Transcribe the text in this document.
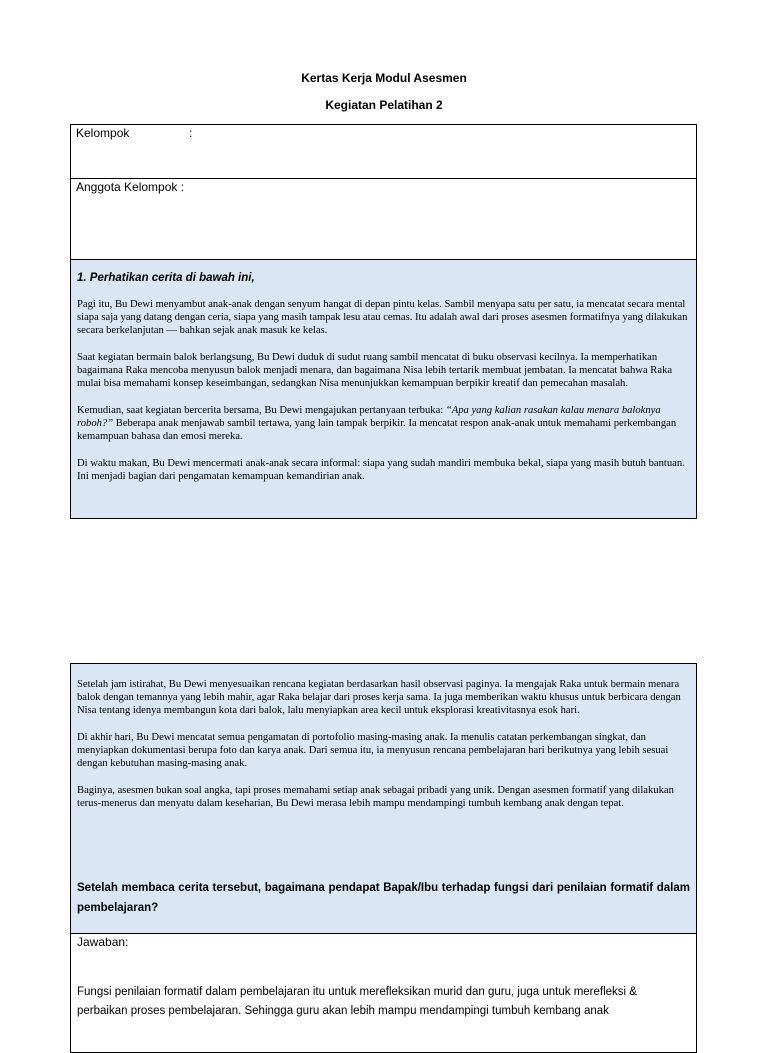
Kertas Kerja Modul Asesmen
Kegiatan Pelatihan 2
Kelompok	:
Anggota Kelompok :

1. Perhatikan cerita di bawah ini,

Pagi itu, Bu Dewi menyambut anak-anak dengan senyum hangat di depan pintu kelas. Sambil menyapa satu per satu, ia mencatat secara mental siapa saja yang datang dengan ceria, siapa yang masih tampak lesu atau cemas. Itu adalah awal dari proses asesmen formatifnya yang dilakukan secara berkelanjutan — bahkan sejak anak masuk ke kelas.

Saat kegiatan bermain balok berlangsung, Bu Dewi duduk di sudut ruang sambil mencatat di buku observasi kecilnya. Ia memperhatikan bagaimana Raka mencoba menyusun balok menjadi menara, dan bagaimana Nisa lebih tertarik membuat jembatan. Ia mencatat bahwa Raka mulai bisa memahami konsep keseimbangan, sedangkan Nisa menunjukkan kemampuan berpikir kreatif dan pemecahan masalah.

Kemudian, saat kegiatan bercerita bersama, Bu Dewi mengajukan pertanyaan terbuka: “Apa yang kalian rasakan kalau menara baloknya roboh?” Beberapa anak menjawab sambil tertawa, yang lain tampak berpikir. Ia mencatat respon anak-anak untuk memahami perkembangan kemampuan bahasa dan emosi mereka.

Di waktu makan, Bu Dewi mencermati anak-anak secara informal: siapa yang sudah mandiri membuka bekal, siapa yang masih butuh bantuan. Ini menjadi bagian dari pengamatan kemampuan kemandirian anak.

Setelah jam istirahat, Bu Dewi menyesuaikan rencana kegiatan berdasarkan hasil observasi paginya. Ia mengajak Raka untuk bermain menara balok dengan temannya yang lebih mahir, agar Raka belajar dari proses kerja sama. Ia juga memberikan waktu khusus untuk berbicara dengan Nisa tentang idenya membangun kota dari balok, lalu menyiapkan area kecil untuk eksplorasi kreativitasnya esok hari.

Di akhir hari, Bu Dewi mencatat semua pengamatan di portofolio masing-masing anak. Ia menulis catatan perkembangan singkat, dan menyiapkan dokumentasi berupa foto dan karya anak. Dari semua itu, ia menyusun rencana pembelajaran hari berikutnya yang lebih sesuai dengan kebutuhan masing-masing anak.

Baginya, asesmen bukan soal angka, tapi proses memahami setiap anak sebagai pribadi yang unik. Dengan asesmen formatif yang dilakukan terus-menerus dan menyatu dalam keseharian, Bu Dewi merasa lebih mampu mendampingi tumbuh kembang anak dengan tepat.

Setelah membaca cerita tersebut, bagaimana pendapat Bapak/Ibu terhadap fungsi dari penilaian formatif dalam pembelajaran?
Jawaban:
Fungsi penilaian formatif dalam pembelajaran itu untuk merefleksikan murid dan guru, juga untuk merefleksi & perbaikan proses pembelajaran. Sehingga guru akan lebih mampu mendampingi tumbuh kembang anak
